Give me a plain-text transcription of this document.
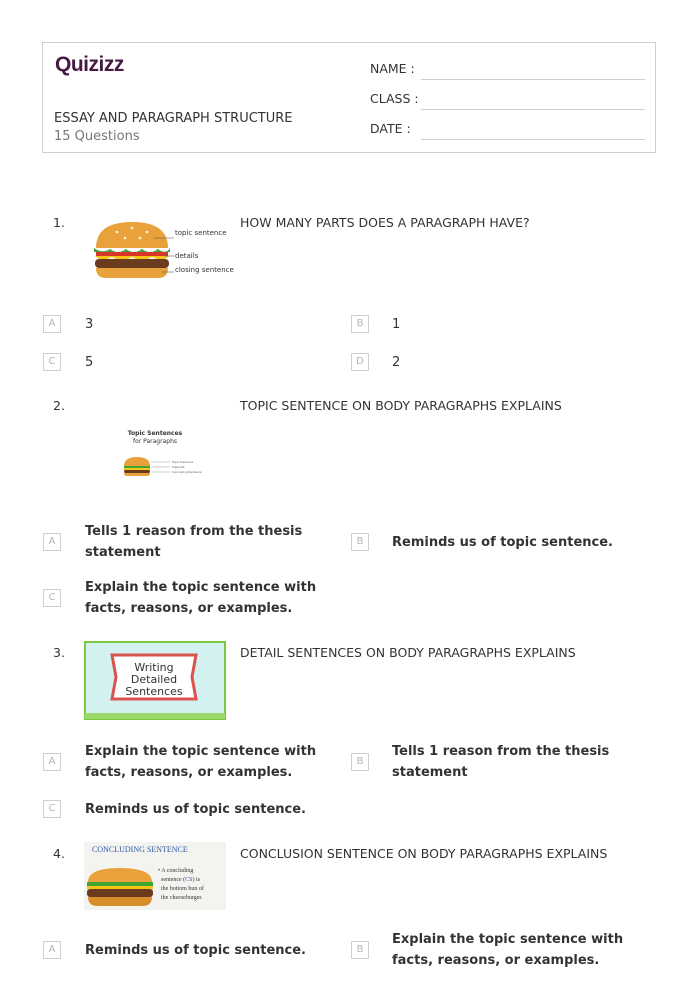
Quizizz
ESSAY AND PARAGRAPH STRUCTURE
15 Questions
NAME :
CLASS :
DATE :
1.
topic sentence
details
closing sentence
HOW MANY PARTS DOES A PARAGRAPH HAVE?
A	3	B	1
C	5	D	2
2.
Topic Sentences
for Paragraphs
Topic Sentence
Supports
Concluding Sentence
TOPIC SENTENCE ON BODY PARAGRAPHS EXPLAINS
A
Tells 1 reason from the thesis statement
B	Reminds us of topic sentence.
C
Explain the topic sentence with facts, reasons, or examples.
3.
Writing
Detailed
Sentences
DETAIL SENTENCES ON BODY PARAGRAPHS EXPLAINS
A
Explain the topic sentence with facts, reasons, or examples.
B
Tells 1 reason from the thesis statement
C	Reminds us of topic sentence.
4.	CONCLUDING SENTENCE
• A concluding
sentence (CS) is
the bottom bun of
the cheeseburger.
CONCLUSION SENTENCE ON BODY PARAGRAPHS EXPLAINS
A	Reminds us of topic sentence.	B
Explain the topic sentence with facts, reasons, or examples.
